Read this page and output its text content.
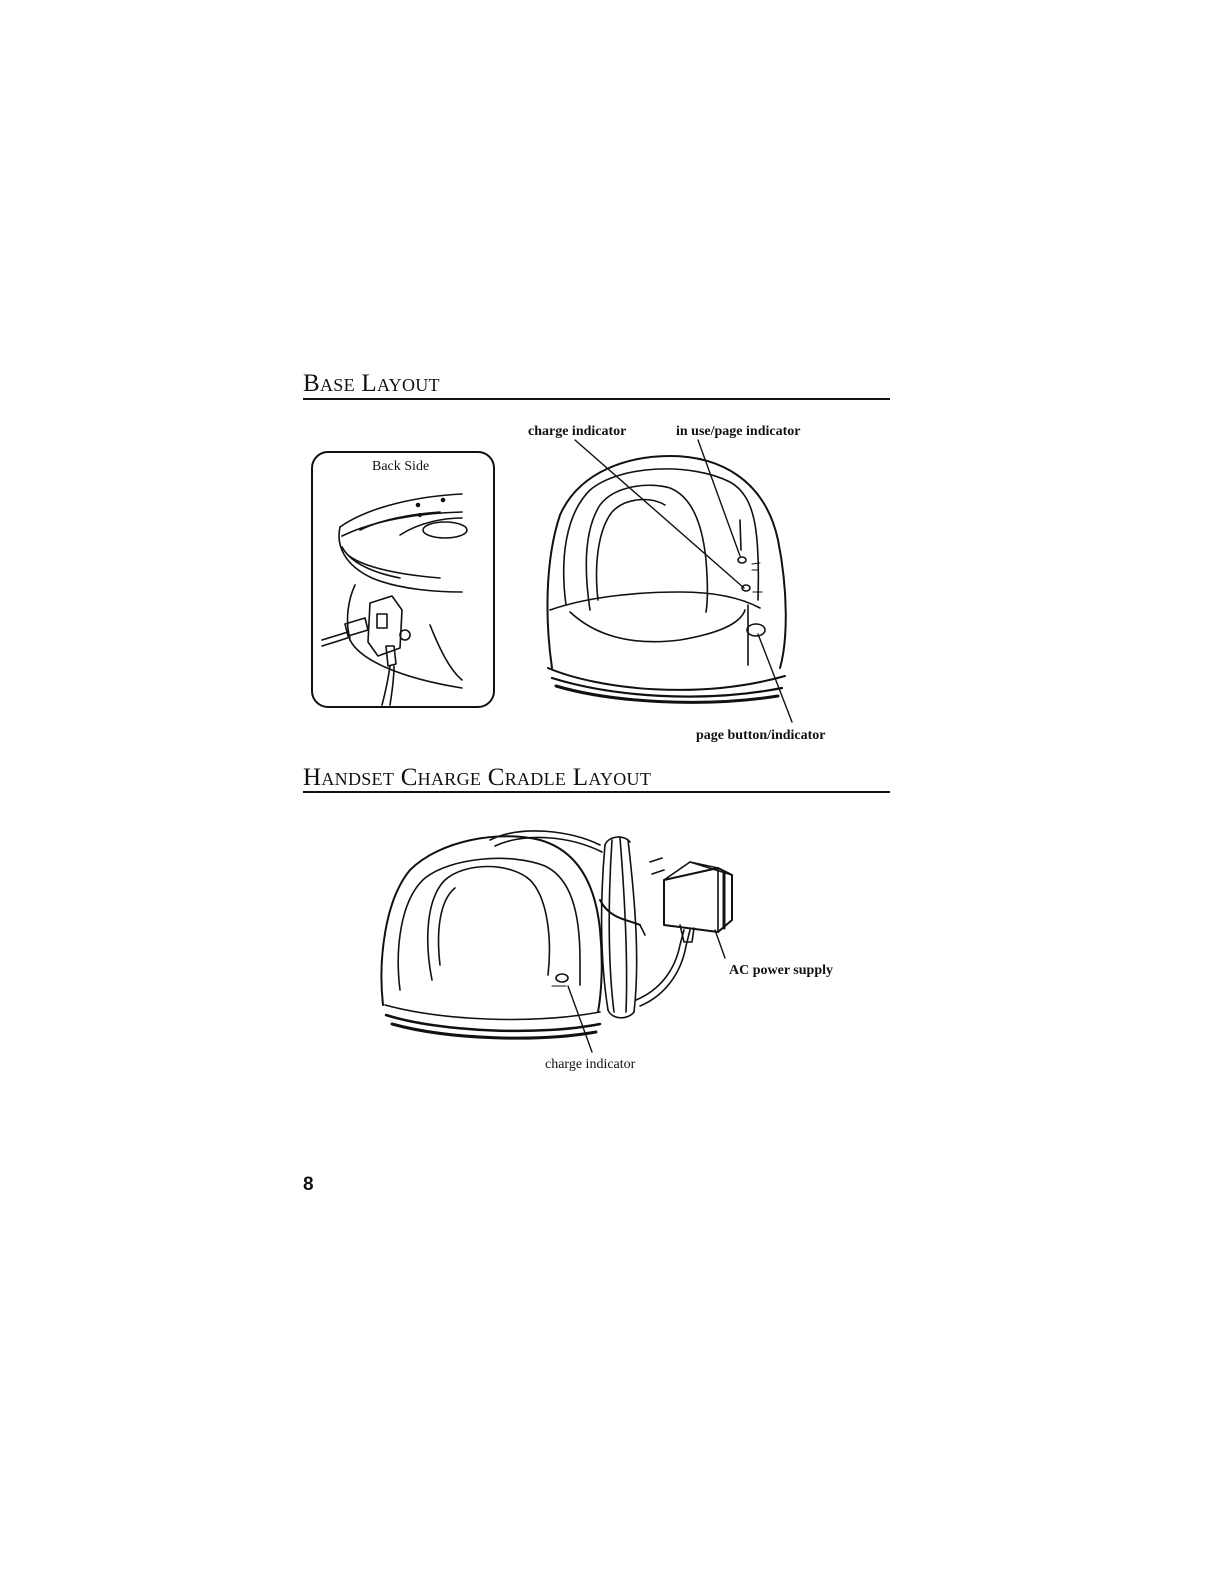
Base Layout
charge indicator	in use/page indicator
page button/indicator
Back Side
Handset Charge Cradle Layout
AC power supply
charge indicator
8
